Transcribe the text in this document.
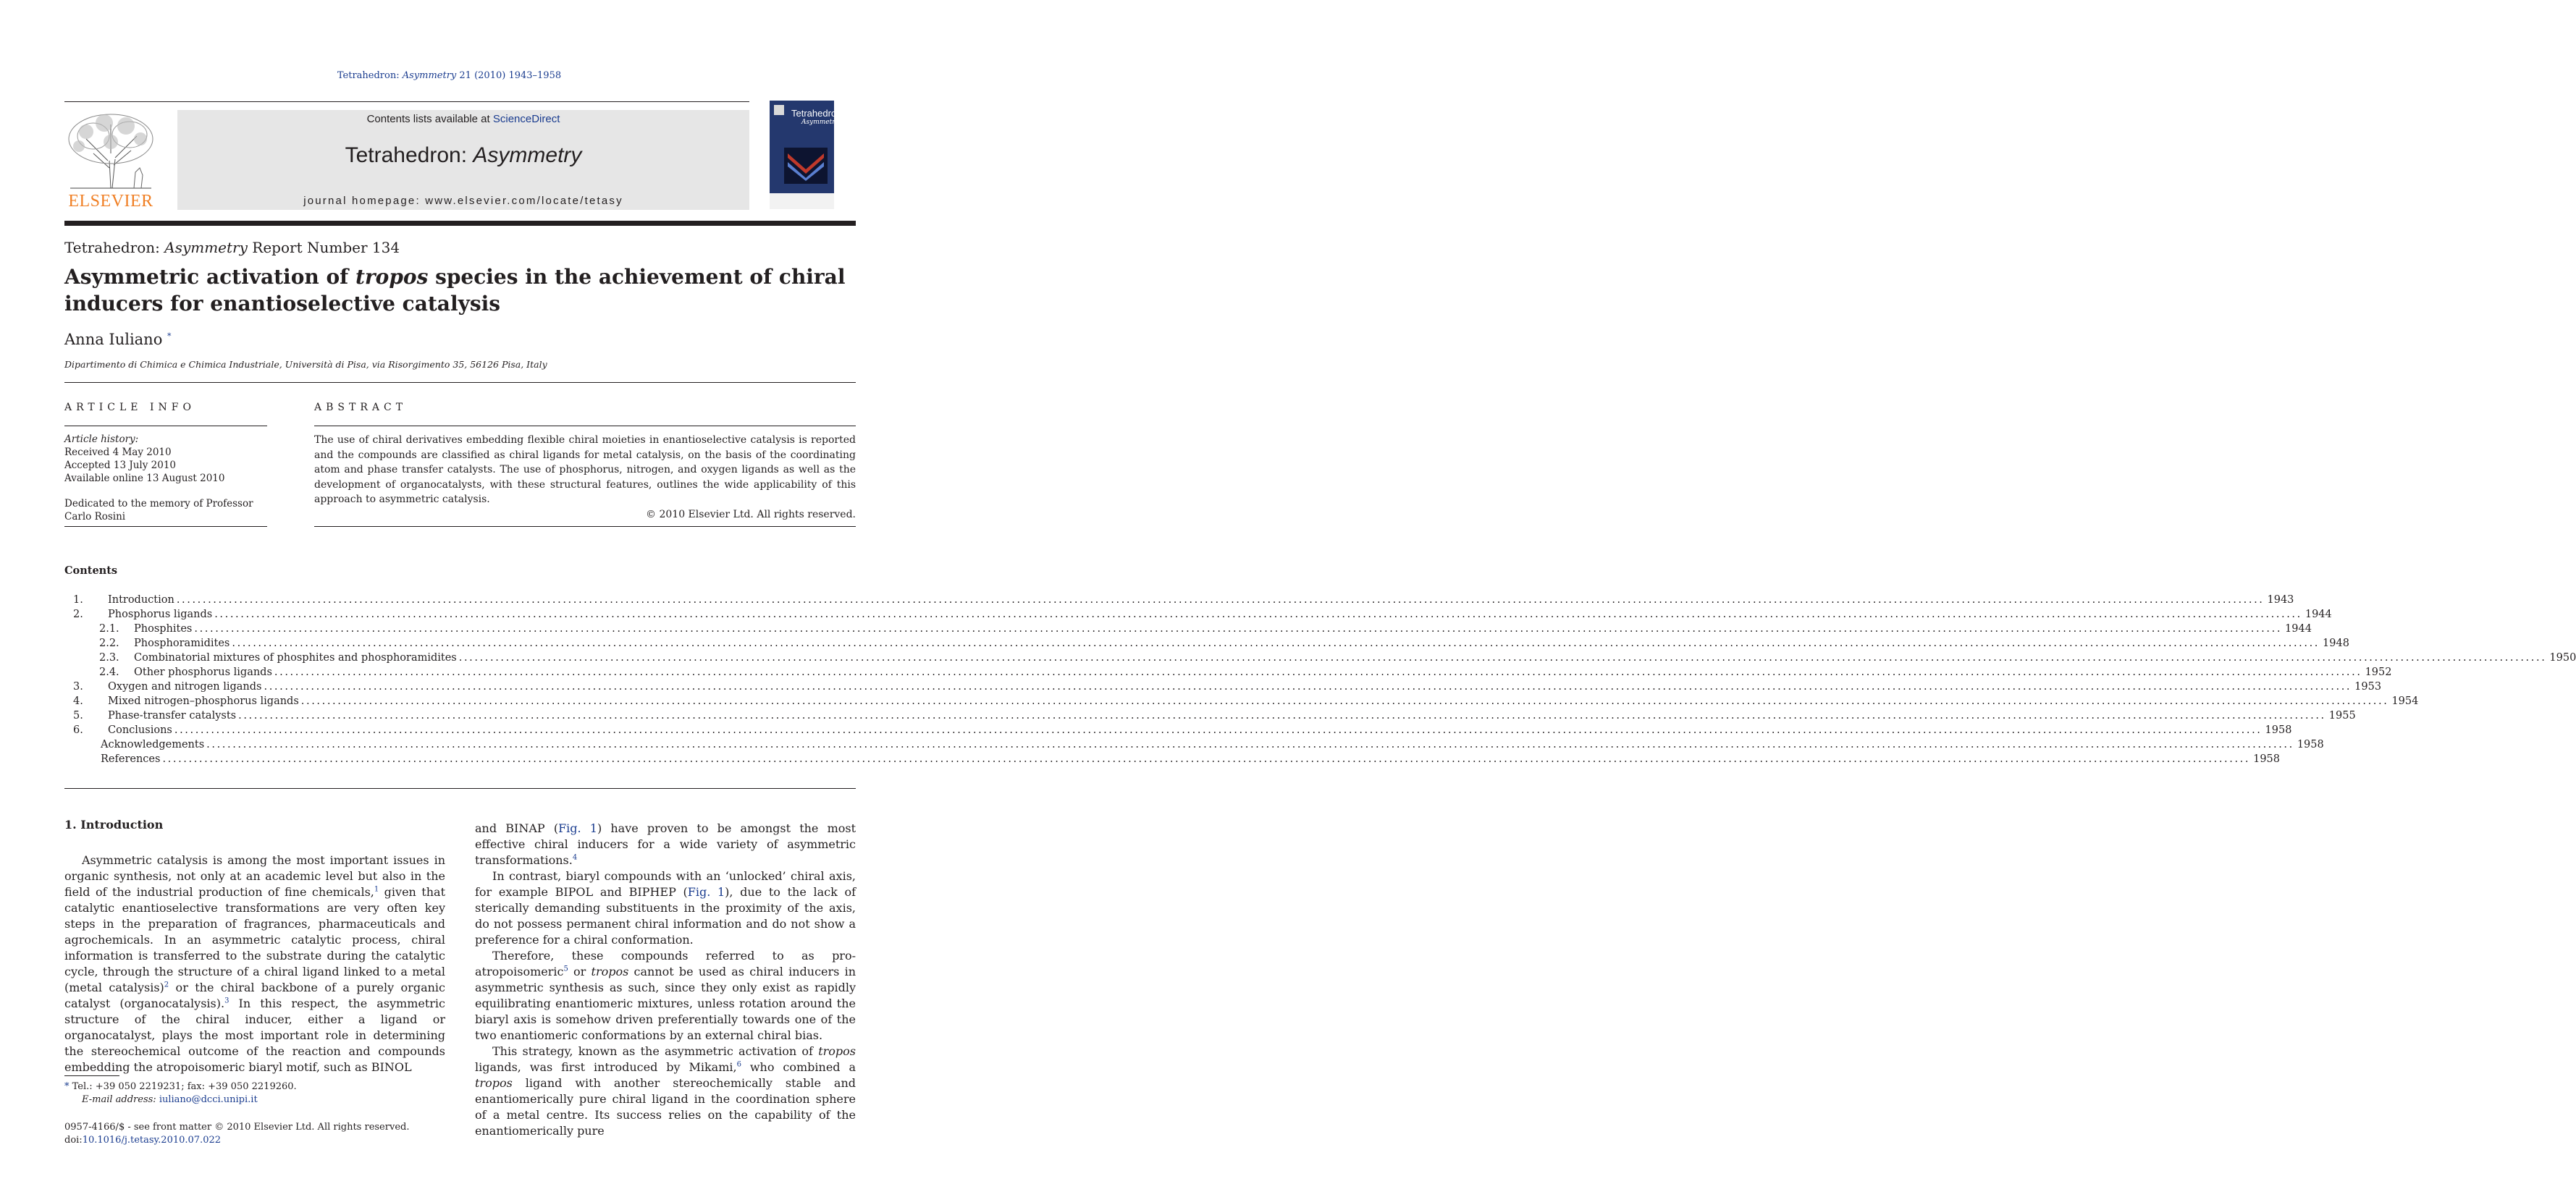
Tetrahedron: Asymmetry 21 (2010) 1943–1958
ELSEVIER
Contents lists available at ScienceDirect
Tetrahedron: Asymmetry
journal homepage: www.elsevier.com/locate/tetasy
Tetrahedron:
Asymmetry
Tetrahedron: Asymmetry Report Number 134
Asymmetric activation of tropos species in the achievement of chiral inducers for enantioselective catalysis
Anna Iuliano *
Dipartimento di Chimica e Chimica Industriale, Università di Pisa, via Risorgimento 35, 56126 Pisa, Italy
ARTICLE INFO
Article history:
Received 4 May 2010
Accepted 13 July 2010
Available online 13 August 2010
Dedicated to the memory of Professor Carlo Rosini
ABSTRACT
The use of chiral derivatives embedding flexible chiral moieties in enantioselective catalysis is reported and the compounds are classified as chiral ligands for metal catalysis, on the basis of the coordinating atom and phase transfer catalysts. The use of phosphorus, nitrogen, and oxygen ligands as well as the development of organocatalysts, with these structural features, outlines the wide applicability of this approach to asymmetric catalysis.
© 2010 Elsevier Ltd. All rights reserved.
Contents
1.	Introduction ................................................................................................................................................................................................................................................................................................................................................................................................................ 1943
2.	Phosphorus ligands ................................................................................................................................................................................................................................................................................................................................................................................................................ 1944
2.1.	Phosphites ................................................................................................................................................................................................................................................................................................................................................................................................................ 1944
2.2.	Phosphoramidites ................................................................................................................................................................................................................................................................................................................................................................................................................ 1948
2.3.	Combinatorial mixtures of phosphites and phosphoramidites ................................................................................................................................................................................................................................................................................................................................................................................................................ 1950
2.4.	Other phosphorus ligands ................................................................................................................................................................................................................................................................................................................................................................................................................ 1952
3.	Oxygen and nitrogen ligands ................................................................................................................................................................................................................................................................................................................................................................................................................ 1953
4.	Mixed nitrogen–phosphorus ligands ................................................................................................................................................................................................................................................................................................................................................................................................................ 1954
5.	Phase-transfer catalysts ................................................................................................................................................................................................................................................................................................................................................................................................................ 1955
6.	Conclusions ................................................................................................................................................................................................................................................................................................................................................................................................................ 1958
Acknowledgements ................................................................................................................................................................................................................................................................................................................................................................................................................ 1958
References ................................................................................................................................................................................................................................................................................................................................................................................................................ 1958
1. Introduction

Asymmetric catalysis is among the most important issues in organic synthesis, not only at an academic level but also in the field of the industrial production of fine chemicals,$^1$ given that catalytic enantioselective transformations are very often key steps in the preparation of fragrances, pharmaceuticals and agrochemicals. In an asymmetric catalytic process, chiral information is transferred to the substrate during the catalytic cycle, through the structure of a chiral ligand linked to a metal (metal catalysis)$^2$ or the chiral backbone of a purely organic catalyst (organocatalysis).$^3$ In this respect, the asymmetric structure of the chiral inducer, either a ligand or organocatalyst, plays the most important role in determining the stereochemical outcome of the reaction and compounds embedding the atropoisomeric biaryl motif, such as BINOL

and BINAP (Fig. 1) have proven to be amongst the most effective chiral inducers for a wide variety of asymmetric transformations.$^4$

In contrast, biaryl compounds with an ‘unlocked’ chiral axis, for example BIPOL and BIPHEP (Fig. 1), due to the lack of sterically demanding substituents in the proximity of the axis, do not possess permanent chiral information and do not show a preference for a chiral conformation.

Therefore, these compounds referred to as pro-atropoisomeric$^5$ or tropos cannot be used as chiral inducers in asymmetric synthesis as such, since they only exist as rapidly equilibrating enantiomeric mixtures, unless rotation around the biaryl axis is somehow driven preferentially towards one of the two enantiomeric conformations by an external chiral bias.

This strategy, known as the asymmetric activation of tropos ligands, was first introduced by Mikami,$^6$ who combined a tropos ligand with another stereochemically stable and enantiomerically pure chiral ligand in the coordination sphere of a metal centre. Its success relies on the capability of the enantiomerically pure

* Tel.: +39 050 2219231; fax: +39 050 2219260.
E-mail address: iuliano@dcci.unipi.it
0957-4166/$ - see front matter © 2010 Elsevier Ltd. All rights reserved.
doi:10.1016/j.tetasy.2010.07.022
